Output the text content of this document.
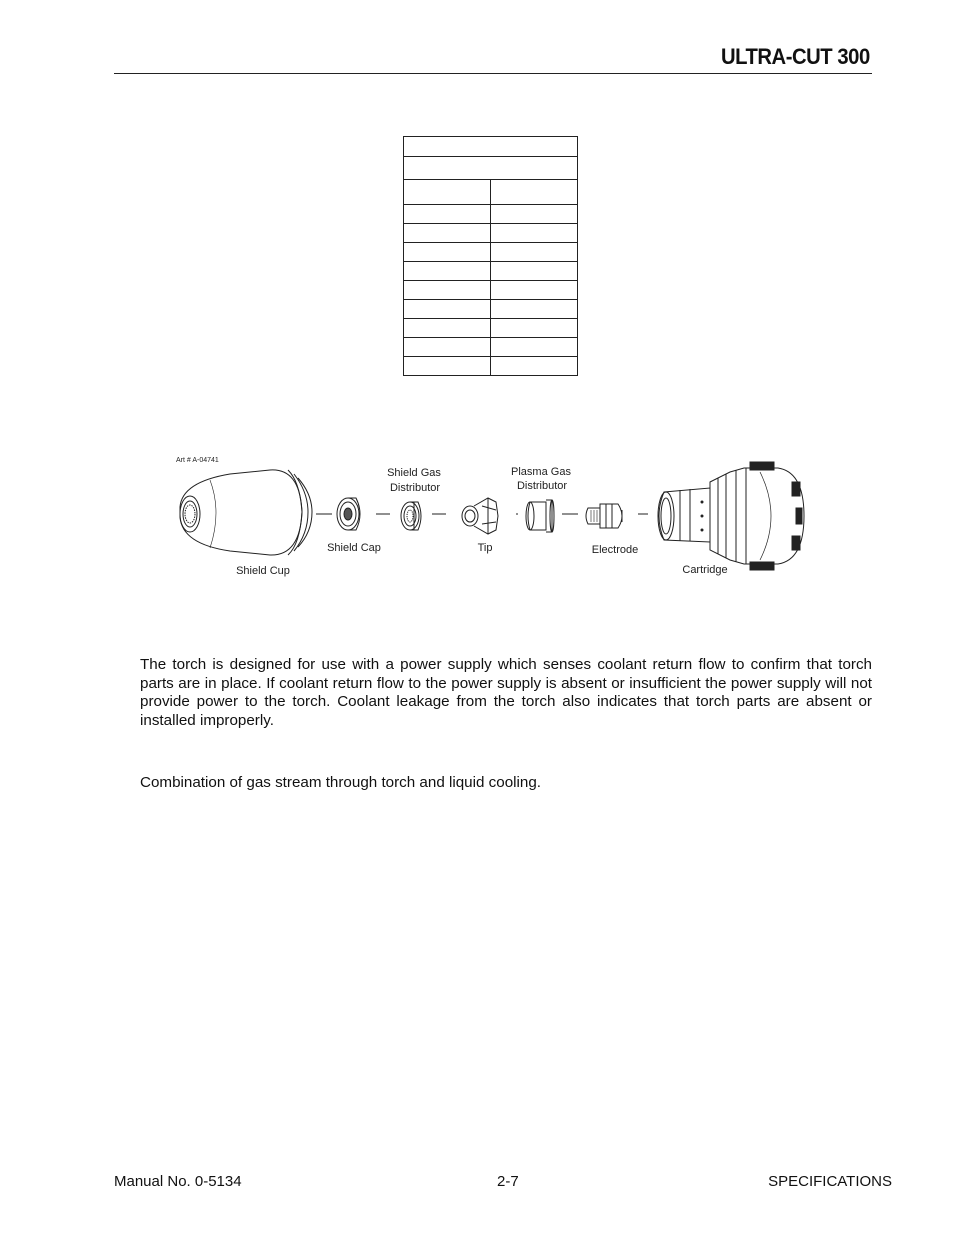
ULTRA-CUT 300

Art # A-04741
Shield Gas
Distributor
Plasma Gas
Distributor
Shield Cap	Tip	Electrode
Shield Cup	Cartridge

The torch is designed for use with a power supply which senses coolant return flow to confirm that torch parts are in place. If coolant return flow to the power supply is absent or insufficient the power supply will not provide power to the torch. Coolant leakage from the torch also indicates that torch parts are absent or installed improperly.

Combination of gas stream through torch and liquid cooling.

Manual No. 0-5134	2-7	SPECIFICATIONS
